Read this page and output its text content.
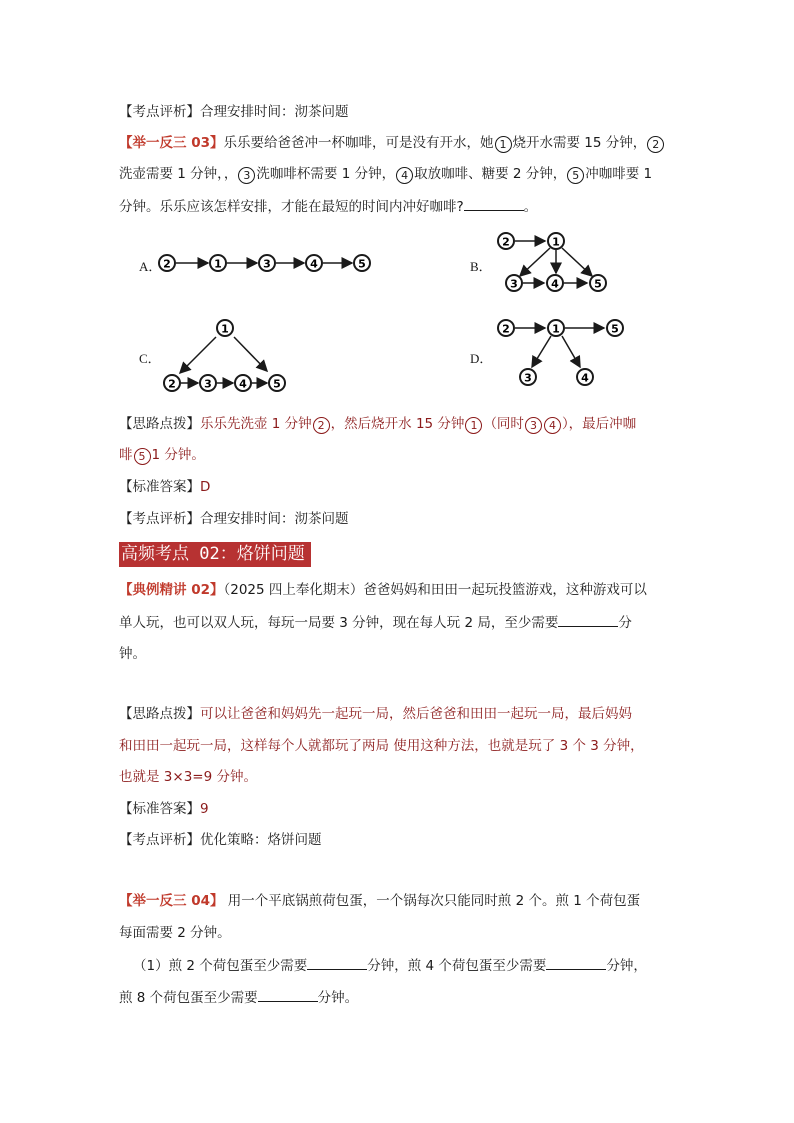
【考点评析】合理安排时间：沏茶问题
【举一反三 03】乐乐要给爸爸冲一杯咖啡，可是没有开水，她 1 烧开水需要 15 分钟， 2
洗壶需要 1 分钟，， 3 洗咖啡杯需要 1 分钟， 4 取放咖啡、糖要 2 分钟， 5 冲咖啡要 1
分钟。乐乐应该怎样安排，才能在最短的时间内冲好咖啡?	。
A．	B．
C．	D．
2	1	3	4	5
2	1
3	4	5
1
2	3 4 5
2	1	5
3	4
【思路点拨】乐乐先洗壶 1 分钟 2 ，然后烧开水 15 分钟 1 （同时 3 4 ），最后冲咖
啡 5 1 分钟。
【标准答案】D
【考点评析】合理安排时间：沏茶问题
高频考点 02：烙饼问题
【典例精讲 02】（2025 四上奉化期末）爸爸妈妈和田田一起玩投篮游戏，这种游戏可以
单人玩，也可以双人玩，每玩一局要 3 分钟，现在每人玩 2 局，至少需要	分
钟。
【思路点拨】可以让爸爸和妈妈先一起玩一局，然后爸爸和田田一起玩一局，最后妈妈
和田田一起玩一局，这样每个人就都玩了两局 使用这种方法，也就是玩了 3 个 3 分钟，
也就是 3×3=9 分钟。
【标准答案】9
【考点评析】优化策略：烙饼问题
【举一反三 04】 用一个平底锅煎荷包蛋，一个锅每次只能同时煎 2 个。煎 1 个荷包蛋
每面需要 2 分钟。
（1）煎 2 个荷包蛋至少需要	分钟，煎 4 个荷包蛋至少需要	分钟，
煎 8 个荷包蛋至少需要	分钟。
